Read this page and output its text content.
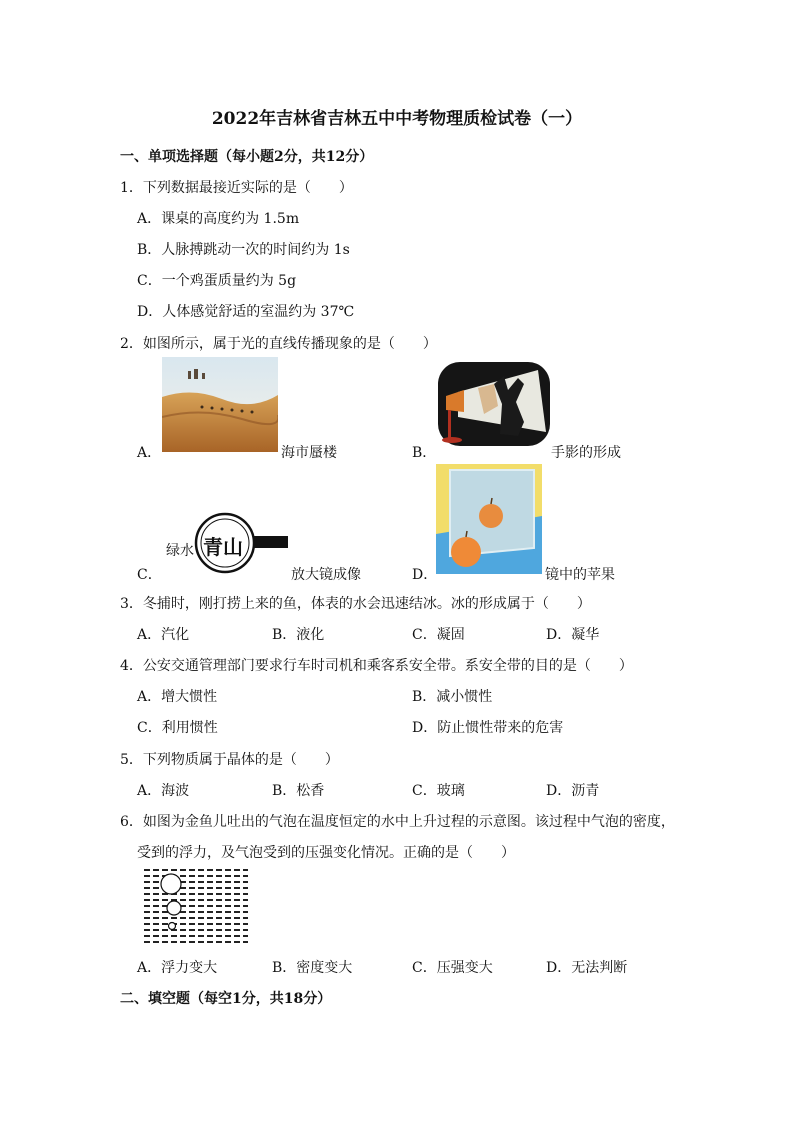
2022年吉林省吉林五中中考物理质检试卷（一）
一、单项选择题（每小题2分，共12分）
1．下列数据最接近实际的是（　　）
A．课桌的高度约为 1.5m
B．人脉搏跳动一次的时间约为 1s
C．一个鸡蛋质量约为 5g
D．人体感觉舒适的室温约为 37℃
2．如图所示，属于光的直线传播现象的是（　　）
A．	海市蜃楼	B．	手影的形成
绿水 青山
C．	放大镜成像	D．	镜中的苹果
3．冬捕时，刚打捞上来的鱼，体表的水会迅速结冰。冰的形成属于（　　）
A．汽化	B．液化	C．凝固	D．凝华
4．公安交通管理部门要求行车时司机和乘客系安全带。系安全带的目的是（　　）
A．增大惯性	B．减小惯性
C．利用惯性	D．防止惯性带来的危害
5．下列物质属于晶体的是（　　）
A．海波	B．松香	C．玻璃	D．沥青
6．如图为金鱼儿吐出的气泡在温度恒定的水中上升过程的示意图。该过程中气泡的密度，
受到的浮力，及气泡受到的压强变化情况。正确的是（　　）
A．浮力变大	B．密度变大	C．压强变大	D．无法判断
二、填空题（每空1分，共18分）
